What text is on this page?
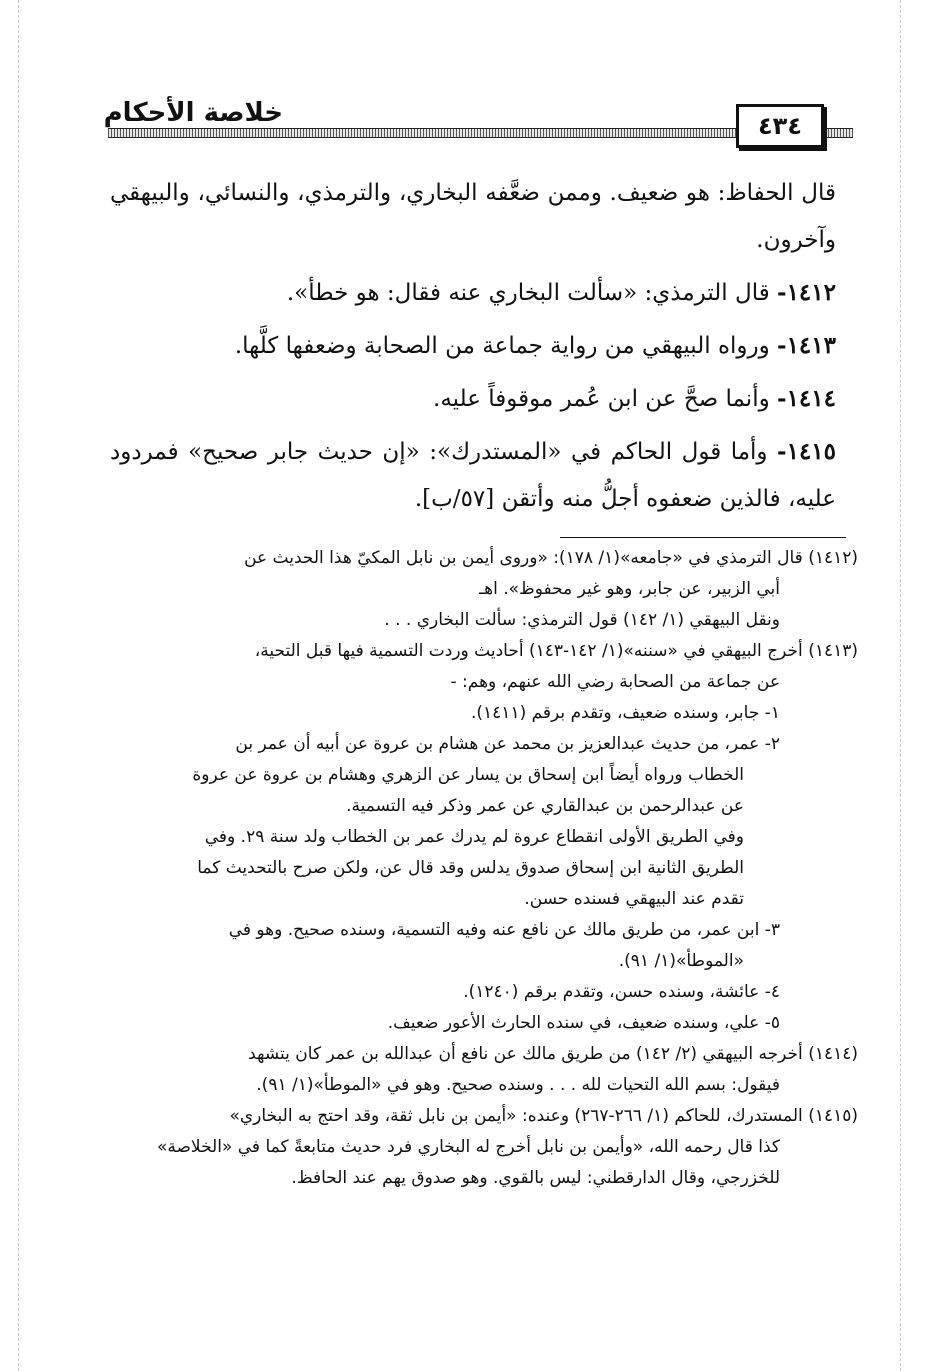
خلاصة الأحكام	٤٣٤

قال الحفاظ: هو ضعيف. وممن ضعَّفه البخاري، والترمذي، والنسائي، والبيهقي وآخرون.

١٤١٢- قال الترمذي: «سألت البخاري عنه فقال: هو خطأ».

١٤١٣- ورواه البيهقي من رواية جماعة من الصحابة وضعفها كلَّها.

١٤١٤- وأنما صحَّ عن ابن عُمر موقوفاً عليه.

١٤١٥- وأما قول الحاكم في «المستدرك»: «إن حديث جابر صحيح» فمردود عليه، فالذين ضعفوه أجلُّ منه وأتقن [٥٧/ب].

(١٤١٢) قال الترمذي في «جامعه»(١/ ١٧٨): «وروى أيمن بن نابل المكيّ هذا الحديث عن

أبي الزبير، عن جابر، وهو غير محفوظ». اهـ

ونقل البيهقي (١/ ١٤٢) قول الترمذي: سألت البخاري . . .

(١٤١٣) أخرج البيهقي في «سننه»(١/ ١٤٢-١٤٣) أحاديث وردت التسمية فيها قبل التحية،

عن جماعة من الصحابة رضي الله عنهم، وهم: -

١- جابر، وسنده ضعيف، وتقدم برقم (١٤١١).

٢- عمر، من حديث عبدالعزيز بن محمد عن هشام بن عروة عن أبيه أن عمر بن

الخطاب ورواه أيضاً ابن إسحاق بن يسار عن الزهري وهشام بن عروة عن عروة

عن عبدالرحمن بن عبدالقاري عن عمر وذكر فيه التسمية.

وفي الطريق الأولى انقطاع عروة لم يدرك عمر بن الخطاب ولد سنة ٢٩. وفي

الطريق الثانية ابن إسحاق صدوق يدلس وقد قال عن، ولكن صرح بالتحديث كما

تقدم عند البيهقي فسنده حسن.

٣- ابن عمر، من طريق مالك عن نافع عنه وفيه التسمية، وسنده صحيح. وهو في

«الموطأ»(١/ ٩١).

٤- عائشة، وسنده حسن، وتقدم برقم (١٢٤٠).

٥- علي، وسنده ضعيف، في سنده الحارث الأعور ضعيف.

(١٤١٤) أخرجه البيهقي (٢/ ١٤٢) من طريق مالك عن نافع أن عبدالله بن عمر كان يتشهد

فيقول: بسم الله التحيات لله . . . وسنده صحيح. وهو في «الموطأ»(١/ ٩١).

(١٤١٥) المستدرك، للحاكم (١/ ٢٦٦-٢٦٧) وعنده: «أيمن بن نابل ثقة، وقد احتج به البخاري»

كذا قال رحمه الله، «وأيمن بن نابل أخرج له البخاري فرد حديث متابعةً كما في «الخلاصة»

للخزرجي، وقال الدارقطني: ليس بالقوي. وهو صدوق يهم عند الحافظ.
